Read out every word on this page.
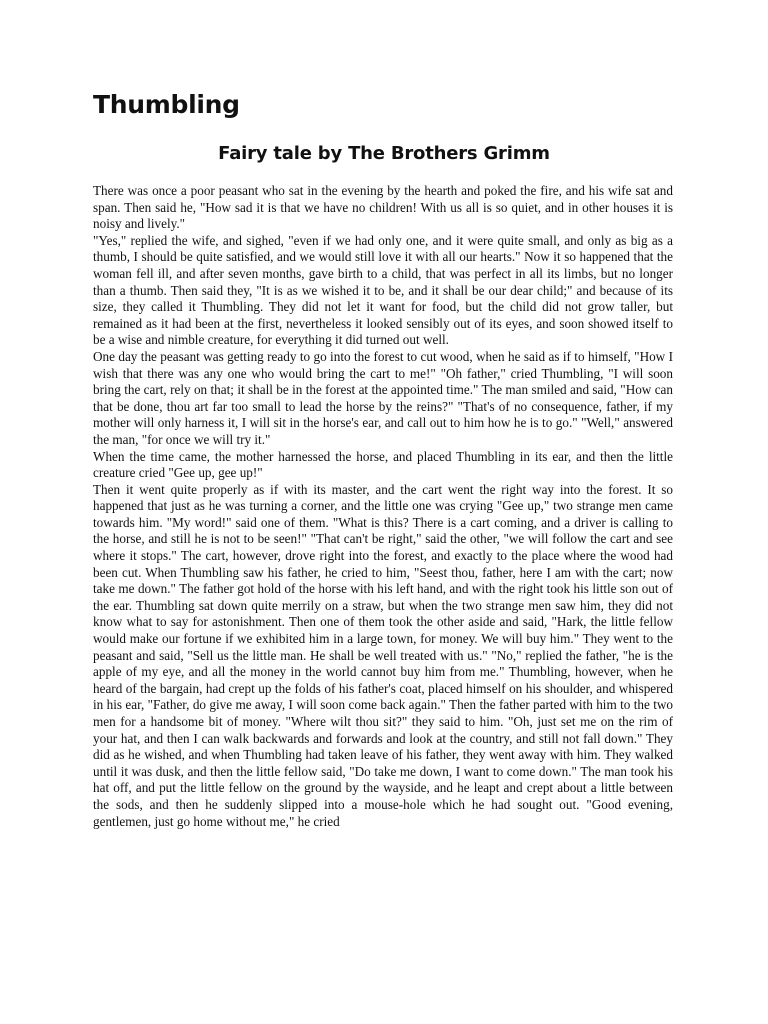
Thumbling
Fairy tale by The Brothers Grimm

There was once a poor peasant who sat in the evening by the hearth and poked the fire, and his wife sat and span. Then said he, "How sad it is that we have no children! With us all is so quiet, and in other houses it is noisy and lively."

"Yes," replied the wife, and sighed, "even if we had only one, and it were quite small, and only as big as a thumb, I should be quite satisfied, and we would still love it with all our hearts." Now it so happened that the woman fell ill, and after seven months, gave birth to a child, that was perfect in all its limbs, but no longer than a thumb. Then said they, "It is as we wished it to be, and it shall be our dear child;" and because of its size, they called it Thumbling. They did not let it want for food, but the child did not grow taller, but remained as it had been at the first, nevertheless it looked sensibly out of its eyes, and soon showed itself to be a wise and nimble creature, for everything it did turned out well.

One day the peasant was getting ready to go into the forest to cut wood, when he said as if to himself, "How I wish that there was any one who would bring the cart to me!" "Oh father," cried Thumbling, "I will soon bring the cart, rely on that; it shall be in the forest at the appointed time." The man smiled and said, "How can that be done, thou art far too small to lead the horse by the reins?" "That's of no consequence, father, if my mother will only harness it, I will sit in the horse's ear, and call out to him how he is to go." "Well," answered the man, "for once we will try it."

When the time came, the mother harnessed the horse, and placed Thumbling in its ear, and then the little creature cried "Gee up, gee up!"

Then it went quite properly as if with its master, and the cart went the right way into the forest. It so happened that just as he was turning a corner, and the little one was crying "Gee up," two strange men came towards him. "My word!" said one of them. "What is this? There is a cart coming, and a driver is calling to the horse, and still he is not to be seen!" "That can't be right," said the other, "we will follow the cart and see where it stops." The cart, however, drove right into the forest, and exactly to the place where the wood had been cut. When Thumbling saw his father, he cried to him, "Seest thou, father, here I am with the cart; now take me down." The father got hold of the horse with his left hand, and with the right took his little son out of the ear. Thumbling sat down quite merrily on a straw, but when the two strange men saw him, they did not know what to say for astonishment. Then one of them took the other aside and said, "Hark, the little fellow would make our fortune if we exhibited him in a large town, for money. We will buy him." They went to the peasant and said, "Sell us the little man. He shall be well treated with us." "No," replied the father, "he is the apple of my eye, and all the money in the world cannot buy him from me." Thumbling, however, when he heard of the bargain, had crept up the folds of his father's coat, placed himself on his shoulder, and whispered in his ear, "Father, do give me away, I will soon come back again." Then the father parted with him to the two men for a handsome bit of money. "Where wilt thou sit?" they said to him. "Oh, just set me on the rim of your hat, and then I can walk backwards and forwards and look at the country, and still not fall down." They did as he wished, and when Thumbling had taken leave of his father, they went away with him. They walked until it was dusk, and then the little fellow said, "Do take me down, I want to come down." The man took his hat off, and put the little fellow on the ground by the wayside, and he leapt and crept about a little between the sods, and then he suddenly slipped into a mouse-hole which he had sought out. "Good evening, gentlemen, just go home without me," he cried
